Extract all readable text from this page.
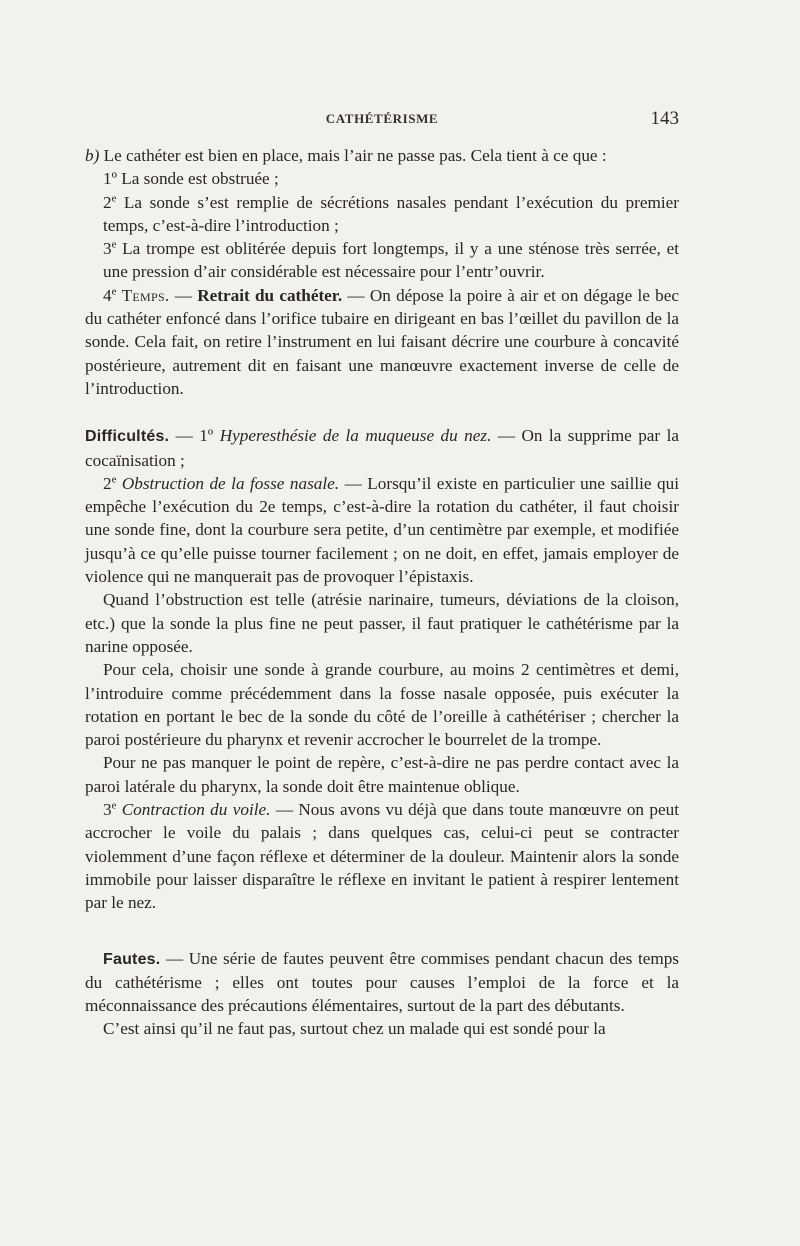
CATHÉTÉRISME	143

b) Le cathéter est bien en place, mais l’air ne passe pas. Cela tient à ce que :

1º La sonde est obstruée ;

2e La sonde s’est remplie de sécrétions nasales pendant l’exécution du premier temps, c’est-à-dire l’introduction ;

3e La trompe est oblitérée depuis fort longtemps, il y a une sténose très serrée, et une pression d’air considérable est nécessaire pour l’entr’ouvrir.

4e Temps. — Retrait du cathéter. — On dépose la poire à air et on dégage le bec du cathéter enfoncé dans l’orifice tubaire en dirigeant en bas l’œillet du pavillon de la sonde. Cela fait, on retire l’instrument en lui faisant décrire une courbure à concavité postérieure, autrement dit en faisant une manœuvre exactement inverse de celle de l’introduction.

Difficultés. — 1º Hyperesthésie de la muqueuse du nez. — On la supprime par la cocaïnisation ;

2e Obstruction de la fosse nasale. — Lorsqu’il existe en particulier une saillie qui empêche l’exécution du 2e temps, c’est-à-dire la rotation du cathéter, il faut choisir une sonde fine, dont la courbure sera petite, d’un centimètre par exemple, et modifiée jusqu’à ce qu’elle puisse tourner facilement ; on ne doit, en effet, jamais employer de violence qui ne manquerait pas de provoquer l’épistaxis.

Quand l’obstruction est telle (atrésie narinaire, tumeurs, déviations de la cloison, etc.) que la sonde la plus fine ne peut passer, il faut pratiquer le cathétérisme par la narine opposée.

Pour cela, choisir une sonde à grande courbure, au moins 2 centimètres et demi, l’introduire comme précédemment dans la fosse nasale opposée, puis exécuter la rotation en portant le bec de la sonde du côté de l’oreille à cathétériser ; chercher la paroi postérieure du pharynx et revenir accrocher le bourrelet de la trompe.

Pour ne pas manquer le point de repère, c’est-à-dire ne pas perdre contact avec la paroi latérale du pharynx, la sonde doit être maintenue oblique.

3e Contraction du voile. — Nous avons vu déjà que dans toute manœuvre on peut accrocher le voile du palais ; dans quelques cas, celui-ci peut se contracter violemment d’une façon réflexe et déterminer de la douleur. Maintenir alors la sonde immobile pour laisser disparaître le réflexe en invitant le patient à respirer lentement par le nez.

Fautes. — Une série de fautes peuvent être commises pendant chacun des temps du cathétérisme ; elles ont toutes pour causes l’emploi de la force et la méconnaissance des précautions élémentaires, surtout de la part des débutants.

C’est ainsi qu’il ne faut pas, surtout chez un malade qui est sondé pour la
